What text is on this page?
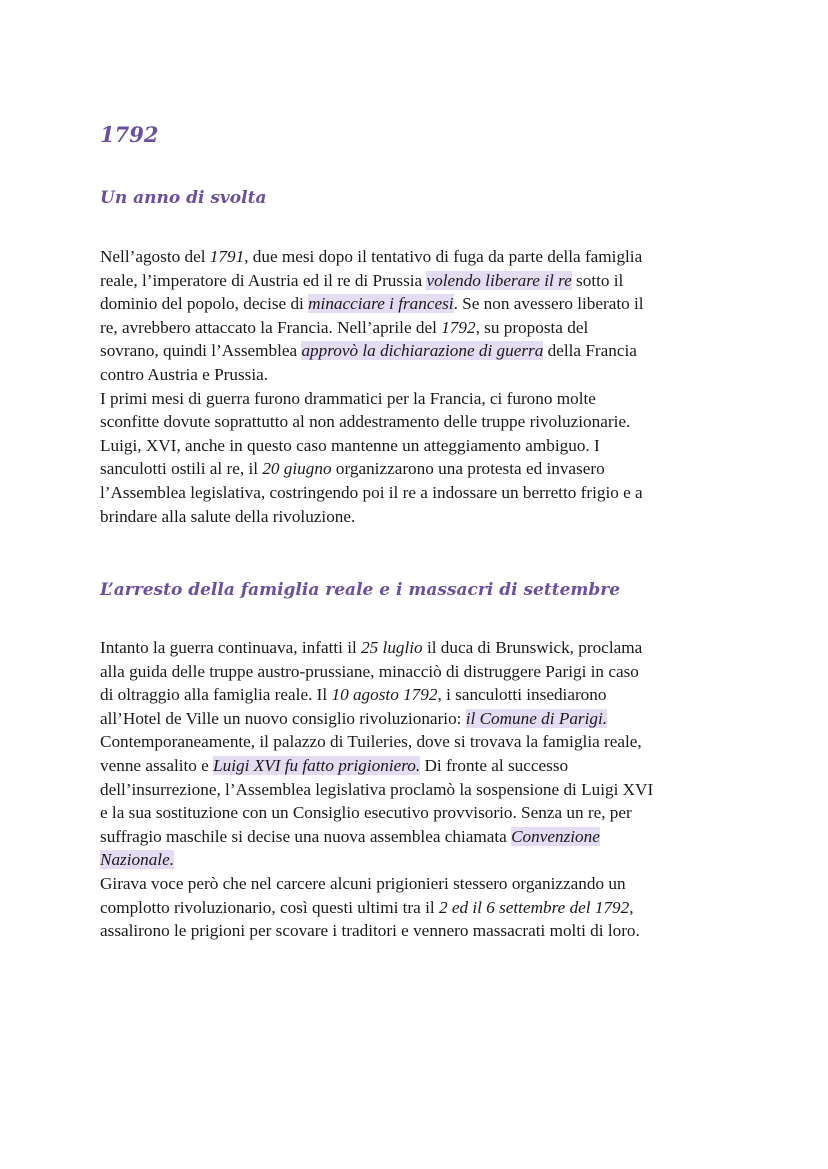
1792
Un anno di svolta
Nell’agosto del 1791, due mesi dopo il tentativo di fuga da parte della famiglia
reale, l’imperatore di Austria ed il re di Prussia volendo liberare il re sotto il
dominio del popolo, decise di minacciare i francesi. Se non avessero liberato il
re, avrebbero attaccato la Francia. Nell’aprile del 1792, su proposta del
sovrano, quindi l’Assemblea approvò la dichiarazione di guerra della Francia
contro Austria e Prussia.
I primi mesi di guerra furono drammatici per la Francia, ci furono molte
sconfitte dovute soprattutto al non addestramento delle truppe rivoluzionarie.
Luigi, XVI, anche in questo caso mantenne un atteggiamento ambiguo. I
sanculotti ostili al re, il 20 giugno organizzarono una protesta ed invasero
l’Assemblea legislativa, costringendo poi il re a indossare un berretto frigio e a
brindare alla salute della rivoluzione.
L’arresto della famiglia reale e i massacri di settembre
Intanto la guerra continuava, infatti il 25 luglio il duca di Brunswick, proclama
alla guida delle truppe austro-prussiane, minacciò di distruggere Parigi in caso
di oltraggio alla famiglia reale. Il 10 agosto 1792, i sanculotti insediarono
all’Hotel de Ville un nuovo consiglio rivoluzionario: il Comune di Parigi.
Contemporaneamente, il palazzo di Tuileries, dove si trovava la famiglia reale,
venne assalito e Luigi XVI fu fatto prigioniero. Di fronte al successo
dell’insurrezione, l’Assemblea legislativa proclamò la sospensione di Luigi XVI
e la sua sostituzione con un Consiglio esecutivo provvisorio. Senza un re, per
suffragio maschile si decise una nuova assemblea chiamata Convenzione
Nazionale.
Girava voce però che nel carcere alcuni prigionieri stessero organizzando un
complotto rivoluzionario, così questi ultimi tra il 2 ed il 6 settembre del 1792,
assalirono le prigioni per scovare i traditori e vennero massacrati molti di loro.
